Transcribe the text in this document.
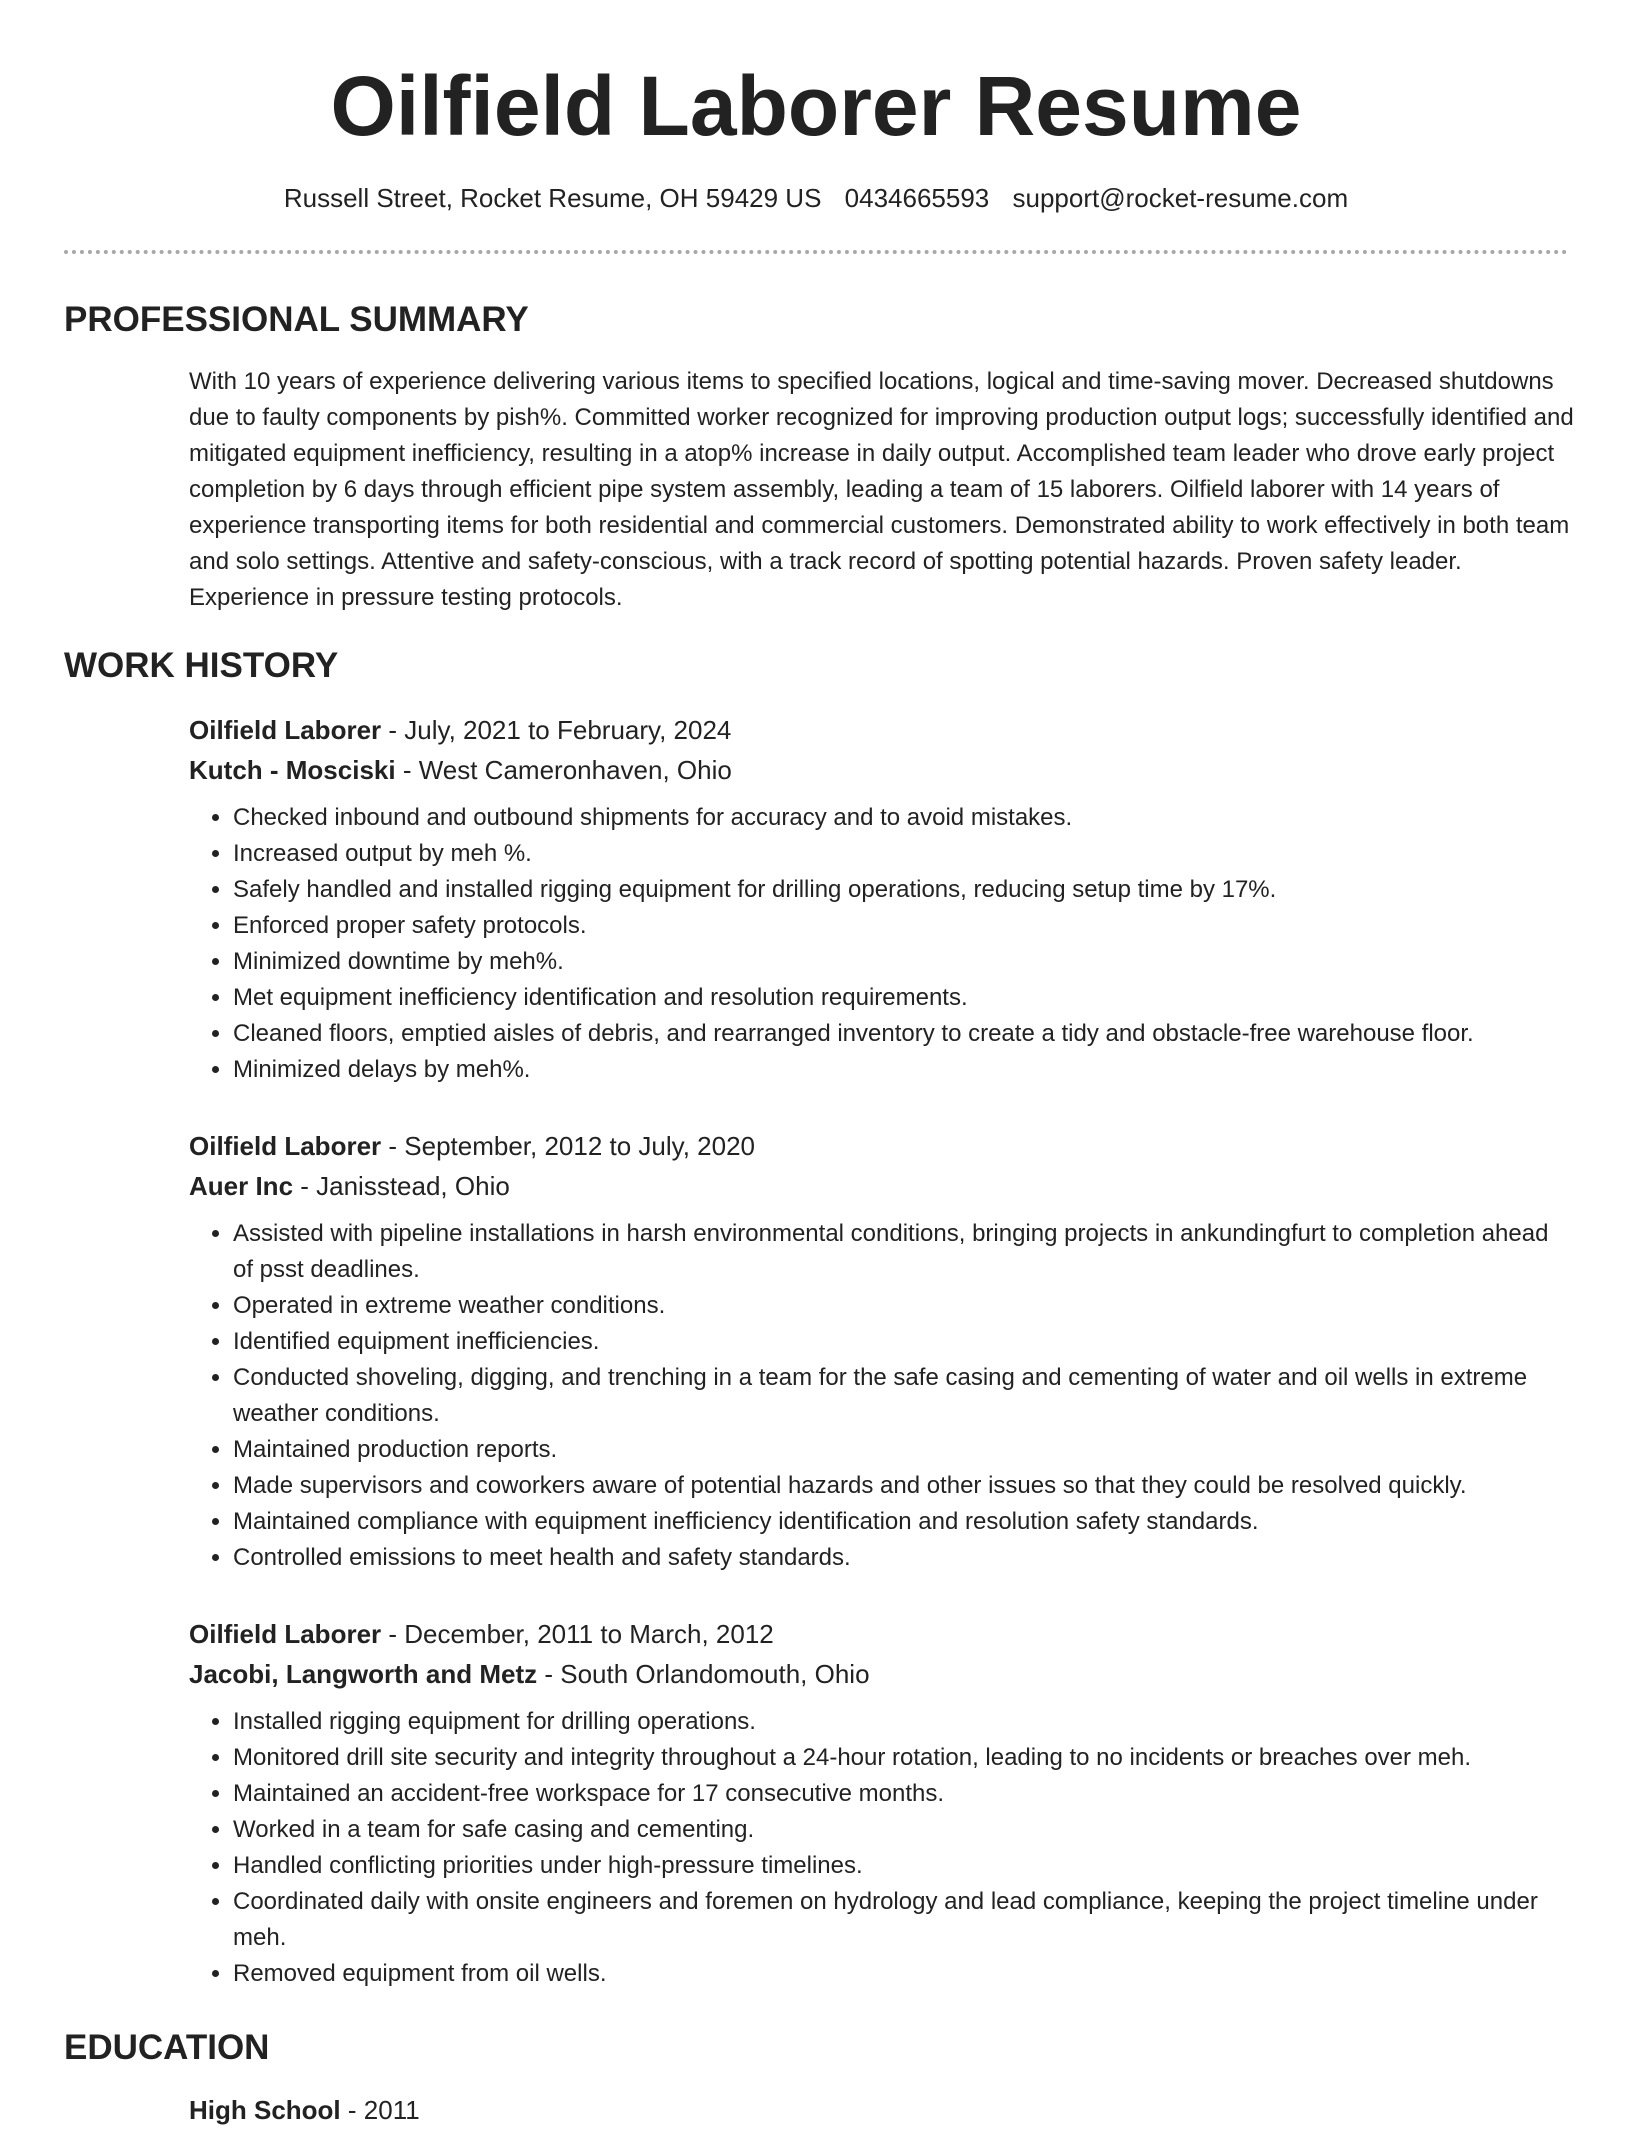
Oilfield Laborer Resume
Russell Street, Rocket Resume, OH 59429 US 0434665593 support@rocket-resume.com
PROFESSIONAL SUMMARY

With 10 years of experience delivering various items to specified locations, logical and time-saving mover. Decreased shutdowns due to faulty components by pish%. Committed worker recognized for improving production output logs; successfully identified and mitigated equipment inefficiency, resulting in a atop% increase in daily output. Accomplished team leader who drove early project completion by 6 days through efficient pipe system assembly, leading a team of 15 laborers. Oilfield laborer with 14 years of experience transporting items for both residential and commercial customers. Demonstrated ability to work effectively in both team and solo settings. Attentive and safety-conscious, with a track record of spotting potential hazards. Proven safety leader. Experience in pressure testing protocols.

WORK HISTORY

Oilfield Laborer - July, 2021 to February, 2024

Kutch - Mosciski - West Cameronhaven, Ohio

• Checked inbound and outbound shipments for accuracy and to avoid mistakes.
• Increased output by meh %.
• Safely handled and installed rigging equipment for drilling operations, reducing setup time by 17%.
• Enforced proper safety protocols.
• Minimized downtime by meh%.
• Met equipment inefficiency identification and resolution requirements.
• Cleaned floors, emptied aisles of debris, and rearranged inventory to create a tidy and obstacle-free warehouse floor.
• Minimized delays by meh%.

Oilfield Laborer - September, 2012 to July, 2020

Auer Inc - Janisstead, Ohio

• Assisted with pipeline installations in harsh environmental conditions, bringing projects in ankundingfurt to completion ahead of psst deadlines.
• Operated in extreme weather conditions.
• Identified equipment inefficiencies.
• Conducted shoveling, digging, and trenching in a team for the safe casing and cementing of water and oil wells in extreme weather conditions.
• Maintained production reports.
• Made supervisors and coworkers aware of potential hazards and other issues so that they could be resolved quickly.
• Maintained compliance with equipment inefficiency identification and resolution safety standards.
• Controlled emissions to meet health and safety standards.

Oilfield Laborer - December, 2011 to March, 2012

Jacobi, Langworth and Metz - South Orlandomouth, Ohio

• Installed rigging equipment for drilling operations.
• Monitored drill site security and integrity throughout a 24-hour rotation, leading to no incidents or breaches over meh.
• Maintained an accident-free workspace for 17 consecutive months.
• Worked in a team for safe casing and cementing.
• Handled conflicting priorities under high-pressure timelines.
• Coordinated daily with onsite engineers and foremen on hydrology and lead compliance, keeping the project timeline under meh.
• Removed equipment from oil wells.
EDUCATION
High School - 2011
